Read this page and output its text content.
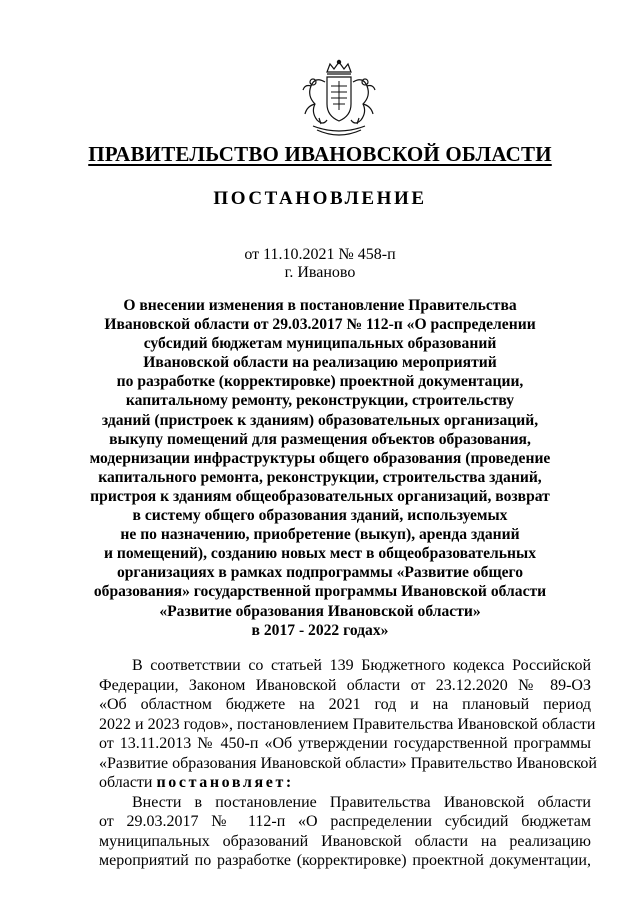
ПРАВИТЕЛЬСТВО ИВАНОВСКОЙ ОБЛАСТИ
ПОСТАНОВЛЕНИЕ
от 11.10.2021 № 458-п
г. Иваново
О внесении изменения в постановление Правительства
Ивановской области от 29.03.2017 № 112-п «О распределении
субсидий бюджетам муниципальных образований
Ивановской области на реализацию мероприятий
по разработке (корректировке) проектной документации,
капитальному ремонту, реконструкции, строительству
зданий (пристроек к зданиям) образовательных организаций,
выкупу помещений для размещения объектов образования,
модернизации инфраструктуры общего образования (проведение
капитального ремонта, реконструкции, строительства зданий,
пристроя к зданиям общеобразовательных организаций, возврат
в систему общего образования зданий, используемых
не по назначению, приобретение (выкуп), аренда зданий
и помещений), созданию новых мест в общеобразовательных
организациях в рамках подпрограммы «Развитие общего
образования» государственной программы Ивановской области
«Развитие образования Ивановской области»
в 2017 - 2022 годах»
В соответствии со статьей 139 Бюджетного кодекса Российской
Федерации, Законом Ивановской области от 23.12.2020 № 89-ОЗ
«Об областном бюджете на 2021 год и на плановый период
2022 и 2023 годов», постановлением Правительства Ивановской области
от 13.11.2013 № 450-п «Об утверждении государственной программы
«Развитие образования Ивановской области» Правительство Ивановской
области постановляет:
Внести в постановление Правительства Ивановской области
от 29.03.2017 № 112-п «О распределении субсидий бюджетам
муниципальных образований Ивановской области на реализацию
мероприятий по разработке (корректировке) проектной документации,
